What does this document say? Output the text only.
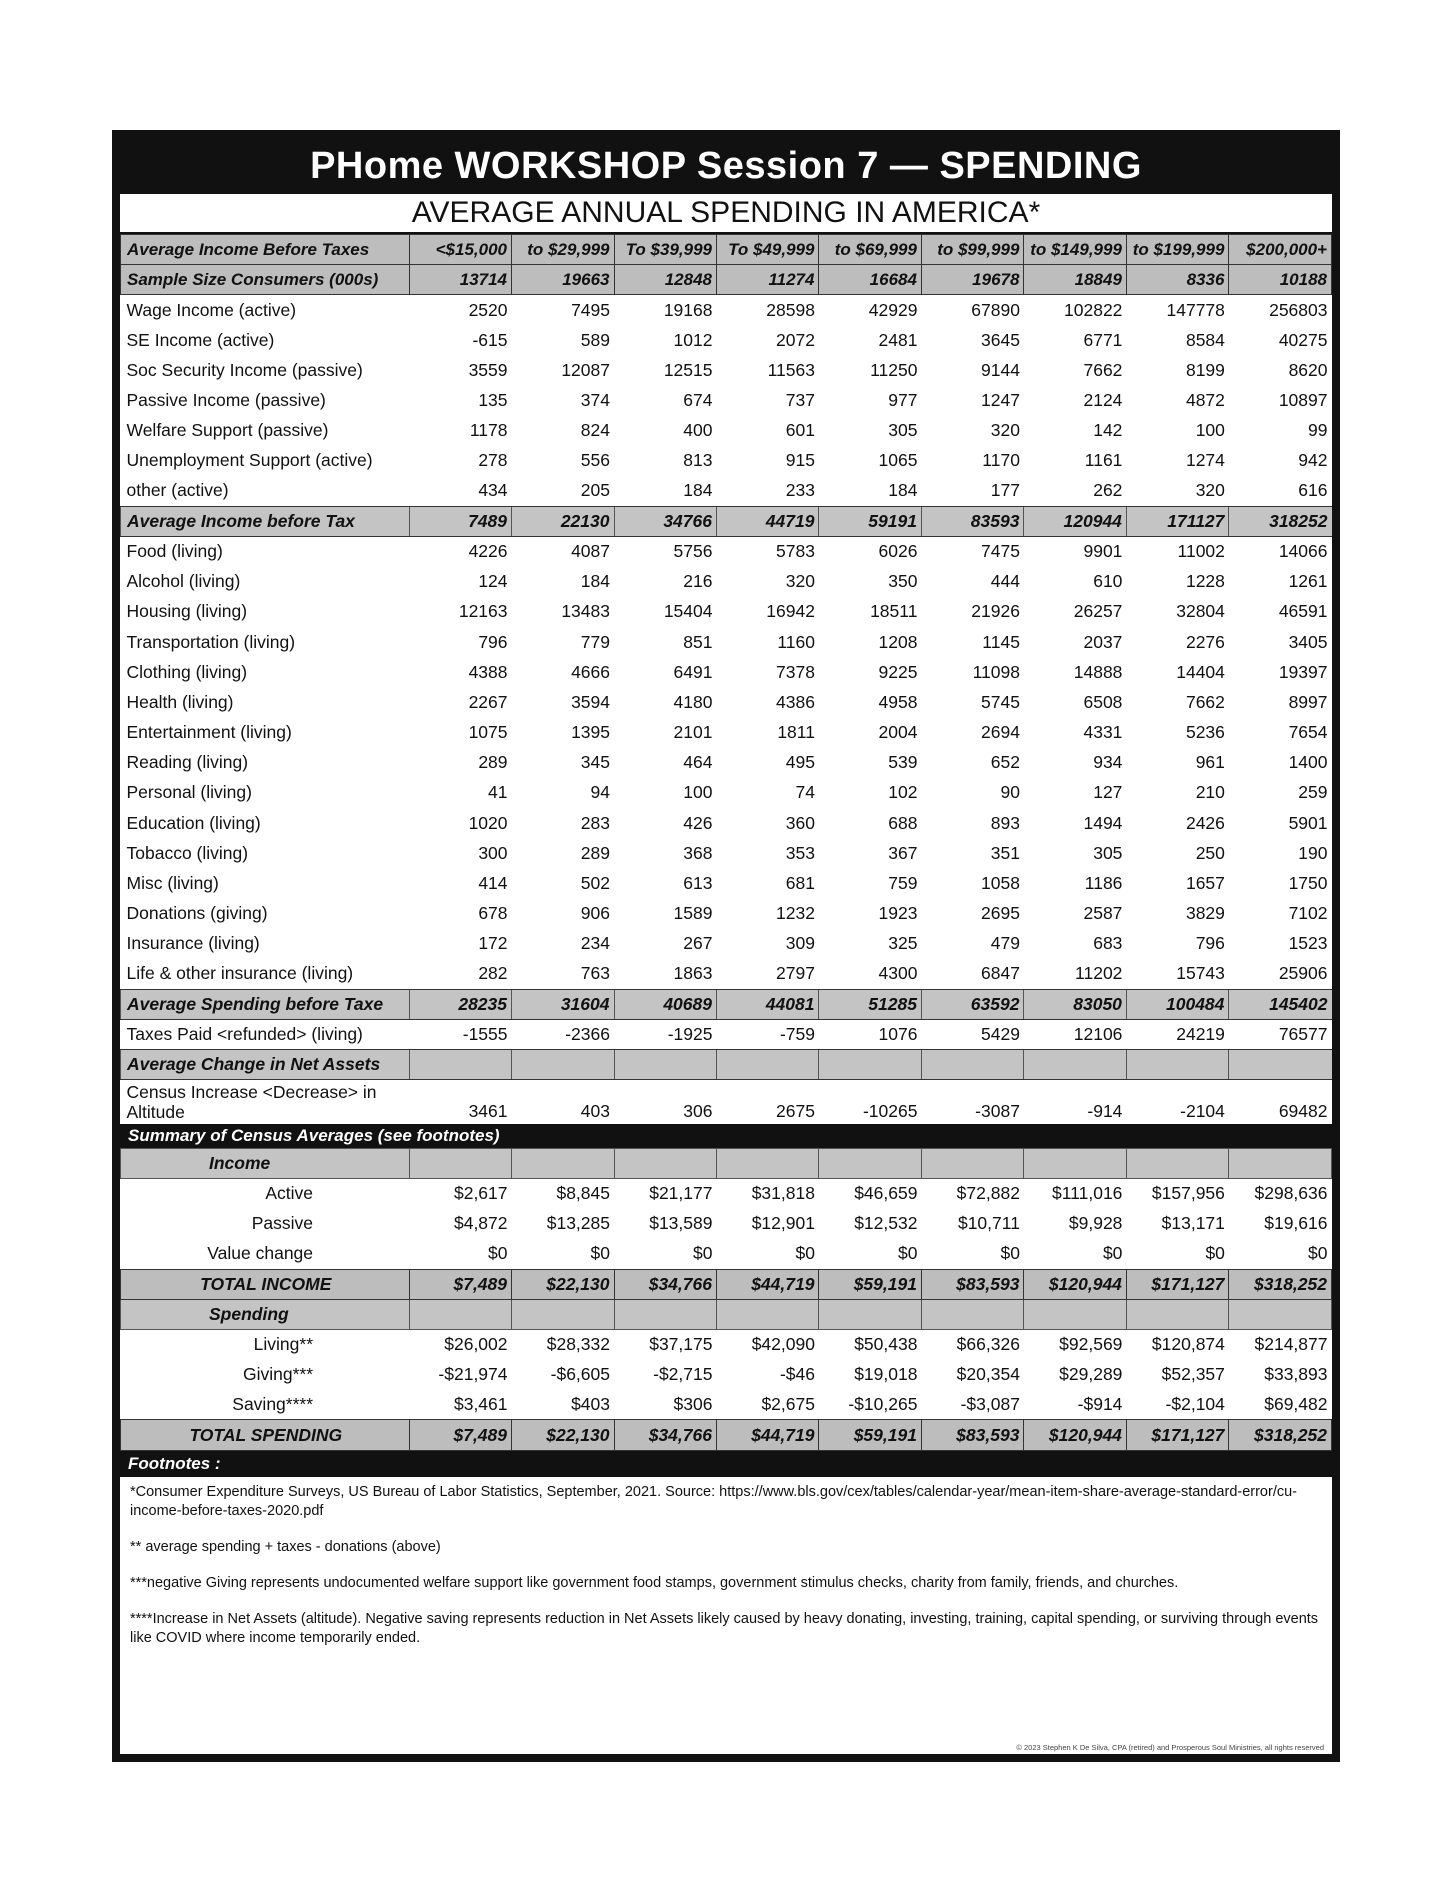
PHome WORKSHOP Session 7 — SPENDING
AVERAGE ANNUAL SPENDING IN AMERICA*
Average Income Before Taxes	<$15,000	to $29,999	To $39,999	To $49,999	to $69,999	to $99,999	to $149,999	to $199,999	$200,000+
Sample Size Consumers (000s)	13714	19663	12848	11274	16684	19678	18849	8336	10188
Wage Income (active)	2520	7495	19168	28598	42929	67890	102822	147778	256803
SE Income (active)	-615	589	1012	2072	2481	3645	6771	8584	40275
Soc Security Income (passive)	3559	12087	12515	11563	11250	9144	7662	8199	8620
Passive Income (passive)	135	374	674	737	977	1247	2124	4872	10897
Welfare Support (passive)	1178	824	400	601	305	320	142	100	99
Unemployment Support (active)	278	556	813	915	1065	1170	1161	1274	942
other (active)	434	205	184	233	184	177	262	320	616
Average Income before Tax	7489	22130	34766	44719	59191	83593	120944	171127	318252
Food (living)	4226	4087	5756	5783	6026	7475	9901	11002	14066
Alcohol (living)	124	184	216	320	350	444	610	1228	1261
Housing (living)	12163	13483	15404	16942	18511	21926	26257	32804	46591
Transportation (living)	796	779	851	1160	1208	1145	2037	2276	3405
Clothing (living)	4388	4666	6491	7378	9225	11098	14888	14404	19397
Health (living)	2267	3594	4180	4386	4958	5745	6508	7662	8997
Entertainment (living)	1075	1395	2101	1811	2004	2694	4331	5236	7654
Reading (living)	289	345	464	495	539	652	934	961	1400
Personal (living)	41	94	100	74	102	90	127	210	259
Education (living)	1020	283	426	360	688	893	1494	2426	5901
Tobacco (living)	300	289	368	353	367	351	305	250	190
Misc (living)	414	502	613	681	759	1058	1186	1657	1750
Donations (giving)	678	906	1589	1232	1923	2695	2587	3829	7102
Insurance (living)	172	234	267	309	325	479	683	796	1523
Life & other insurance (living)	282	763	1863	2797	4300	6847	11202	15743	25906
Average Spending before Taxe	28235	31604	40689	44081	51285	63592	83050	100484	145402
Taxes Paid <refunded> (living)	-1555	-2366	-1925	-759	1076	5429	12106	24219	76577
Average Change in Net Assets									
Census Increase <Decrease> in Altitude	3461	403	306	2675	-10265	-3087	-914	-2104	69482
Summary of Census Averages (see footnotes)
Income									
Active	$2,617	$8,845	$21,177	$31,818	$46,659	$72,882	$111,016	$157,956	$298,636
Passive	$4,872	$13,285	$13,589	$12,901	$12,532	$10,711	$9,928	$13,171	$19,616
Value change	$0	$0	$0	$0	$0	$0	$0	$0	$0
TOTAL INCOME	$7,489	$22,130	$34,766	$44,719	$59,191	$83,593	$120,944	$171,127	$318,252
Spending									
Living**	$26,002	$28,332	$37,175	$42,090	$50,438	$66,326	$92,569	$120,874	$214,877
Giving***	-$21,974	-$6,605	-$2,715	-$46	$19,018	$20,354	$29,289	$52,357	$33,893
Saving****	$3,461	$403	$306	$2,675	-$10,265	-$3,087	-$914	-$2,104	$69,482
TOTAL SPENDING	$7,489	$22,130	$34,766	$44,719	$59,191	$83,593	$120,944	$171,127	$318,252
Footnotes :

*Consumer Expenditure Surveys, US Bureau of Labor Statistics, September, 2021. Source: https://www.bls.gov/cex/tables/calendar-year/mean-item-share-average-standard-error/cu-income-before-taxes-2020.pdf

** average spending + taxes - donations (above)

***negative Giving represents undocumented welfare support like government food stamps, government stimulus checks, charity from family, friends, and churches.

****Increase in Net Assets (altitude). Negative saving represents reduction in Net Assets likely caused by heavy donating, investing, training, capital spending, or surviving through events like COVID where income temporarily ended.

© 2023 Stephen K De Silva, CPA (retired) and Prosperous Soul Ministries, all rights reserved
